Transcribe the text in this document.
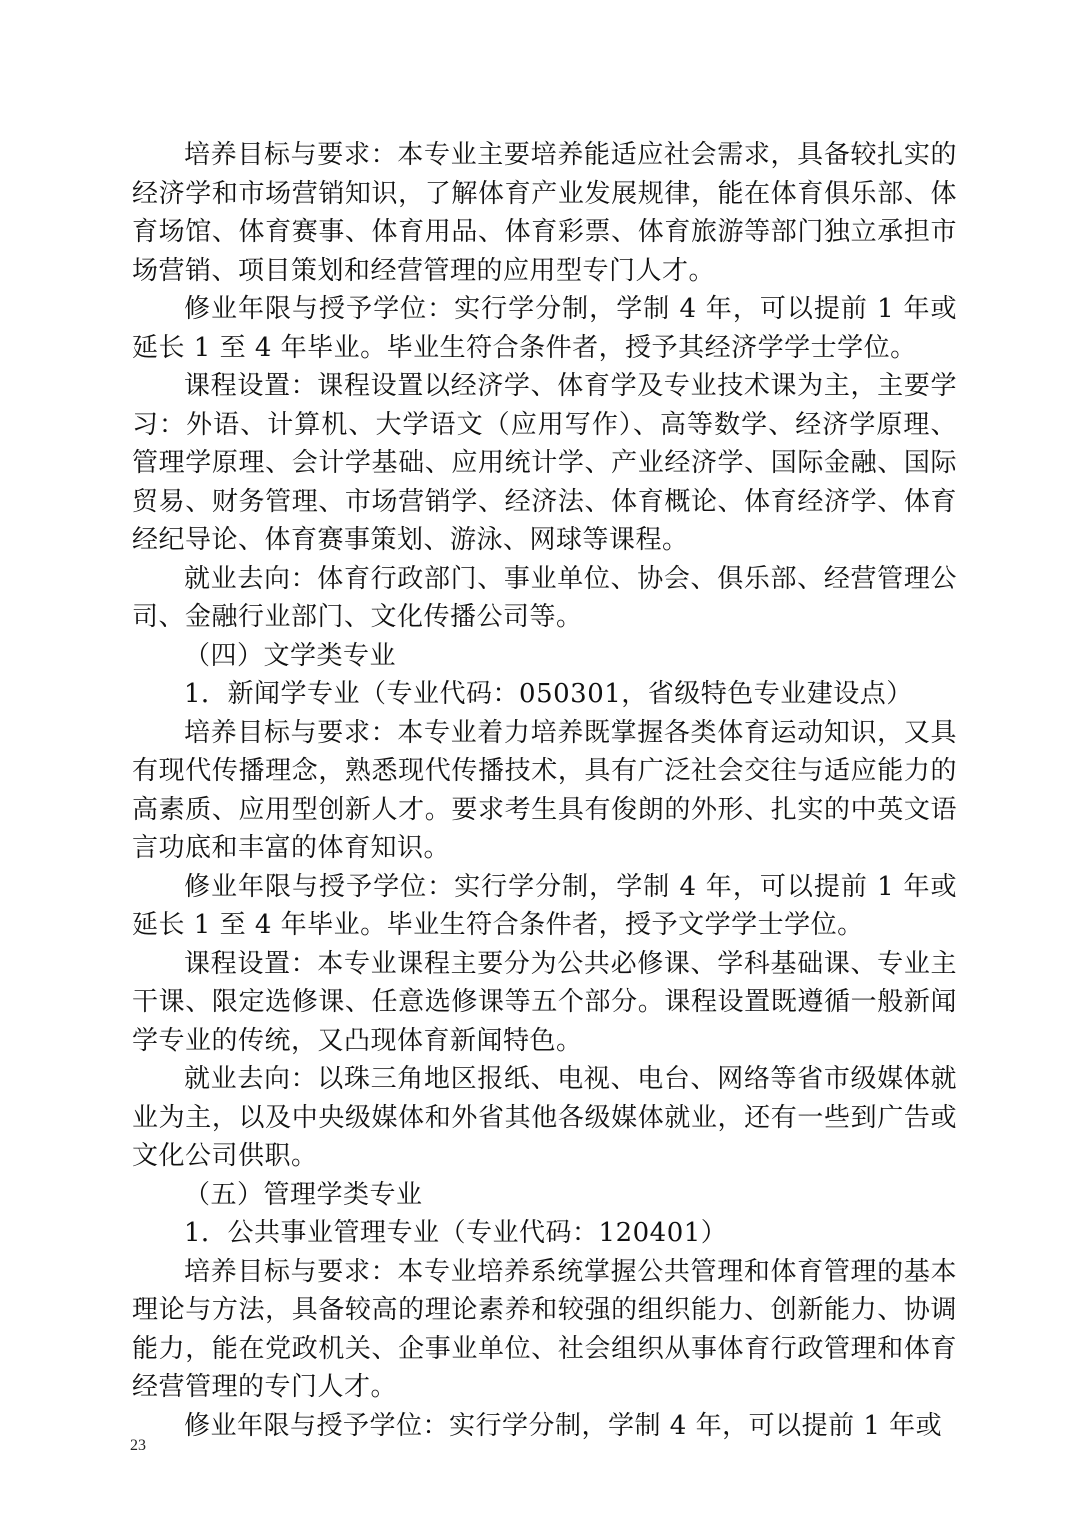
培养目标与要求：本专业主要培养能适应社会需求，具备较扎实的经济学和市场营销知识，了解体育产业发展规律，能在体育俱乐部、体育场馆、体育赛事、体育用品、体育彩票、体育旅游等部门独立承担市场营销、项目策划和经营管理的应用型专门人才。

修业年限与授予学位：实行学分制，学制 4 年，可以提前 1 年或延长 1 至 4 年毕业。毕业生符合条件者，授予其经济学学士学位。

课程设置：课程设置以经济学、体育学及专业技术课为主，主要学习：外语、计算机、大学语文（应用写作）、高等数学、经济学原理、管理学原理、会计学基础、应用统计学、产业经济学、国际金融、国际贸易、财务管理、市场营销学、经济法、体育概论、体育经济学、体育经纪导论、体育赛事策划、游泳、网球等课程。

就业去向：体育行政部门、事业单位、协会、俱乐部、经营管理公司、金融行业部门、文化传播公司等。

（四）文学类专业

1．新闻学专业（专业代码：050301，省级特色专业建设点）

培养目标与要求：本专业着力培养既掌握各类体育运动知识，又具有现代传播理念，熟悉现代传播技术，具有广泛社会交往与适应能力的高素质、应用型创新人才。要求考生具有俊朗的外形、扎实的中英文语言功底和丰富的体育知识。

修业年限与授予学位：实行学分制，学制 4 年，可以提前 1 年或延长 1 至 4 年毕业。毕业生符合条件者，授予文学学士学位。

课程设置：本专业课程主要分为公共必修课、学科基础课、专业主干课、限定选修课、任意选修课等五个部分。课程设置既遵循一般新闻学专业的传统，又凸现体育新闻特色。

就业去向：以珠三角地区报纸、电视、电台、网络等省市级媒体就业为主，以及中央级媒体和外省其他各级媒体就业，还有一些到广告或文化公司供职。

（五）管理学类专业

1．公共事业管理专业（专业代码：120401）

培养目标与要求：本专业培养系统掌握公共管理和体育管理的基本理论与方法，具备较高的理论素养和较强的组织能力、创新能力、协调能力，能在党政机关、企事业单位、社会组织从事体育行政管理和体育经营管理的专门人才。

修业年限与授予学位：实行学分制，学制 4 年，可以提前 1 年或

23
